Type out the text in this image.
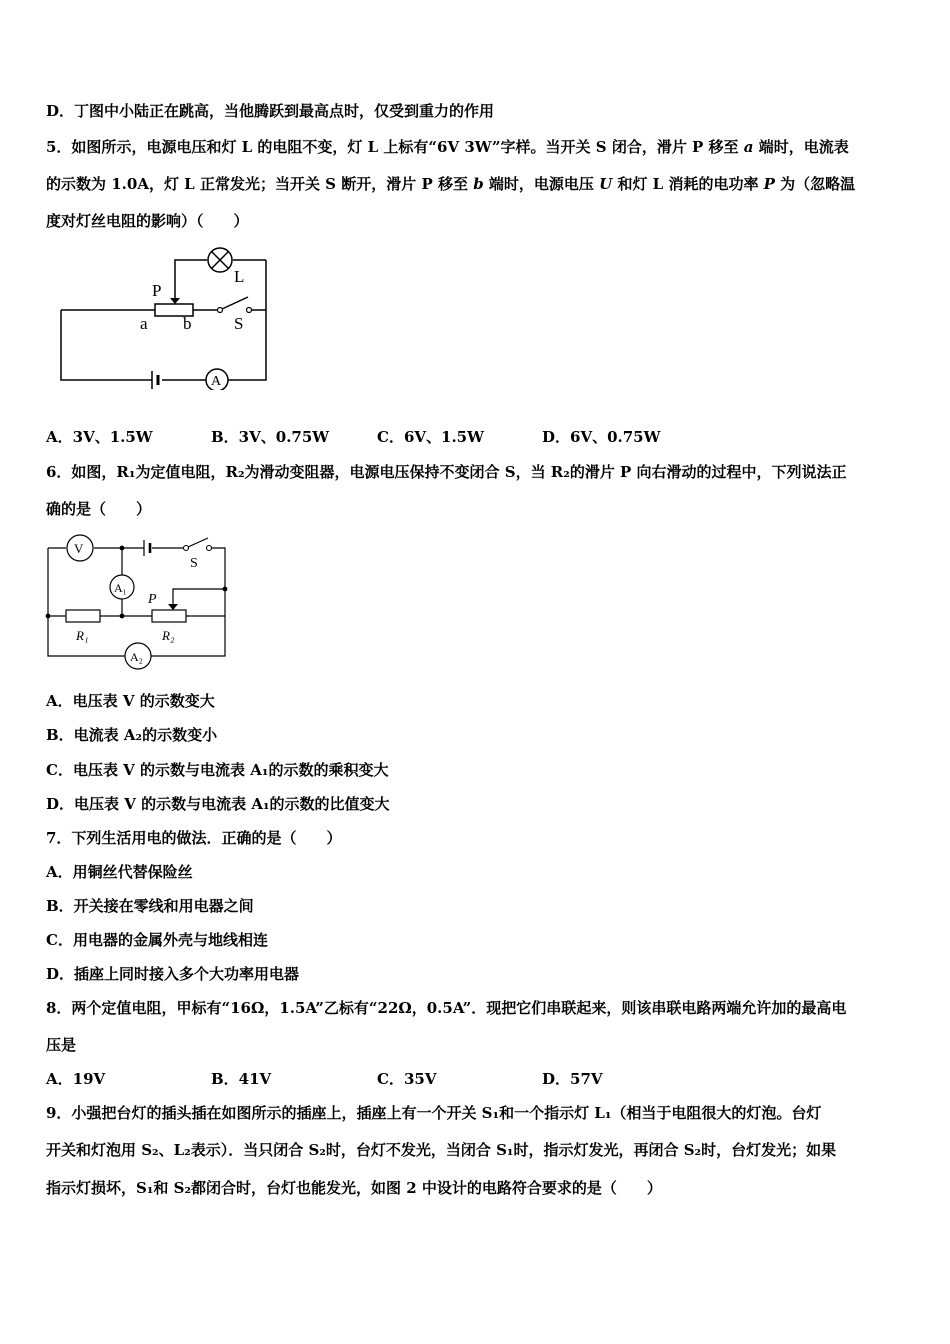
D．丁图中小陆正在跳高，当他腾跃到最高点时，仅受到重力的作用
5．如图所示，电源电压和灯 L 的电阻不变，灯 L 上标有“6V 3W”字样。当开关 S 闭合，滑片 P 移至 a 端时，电流表
的示数为 1.0A，灯 L 正常发光；当开关 S 断开，滑片 P 移至 b 端时，电源电压 U 和灯 L 消耗的电功率 P 为（忽略温
度对灯丝电阻的影响）（　　）
P
a b
L
S
A
A．3V、1.5W	B．3V、0.75W	C．6V、1.5W	D．6V、0.75W
6．如图，R₁为定值电阻，R₂为滑动变阻器，电源电压保持不变闭合 S，当 R₂的滑片 P 向右滑动的过程中，下列说法正
确的是（　　）
V
A₁
S
P
R₁	R₂
A₂
A．电压表 V 的示数变大
B．电流表 A₂的示数变小
C．电压表 V 的示数与电流表 A₁的示数的乘积变大
D．电压表 V 的示数与电流表 A₁的示数的比值变大
7．下列生活用电的做法．正确的是（　　）
A．用铜丝代替保险丝
B．开关接在零线和用电器之间
C．用电器的金属外壳与地线相连
D．插座上同时接入多个大功率用电器
8．两个定值电阻，甲标有“16Ω，1.5A”乙标有“22Ω，0.5A”．现把它们串联起来，则该串联电路两端允许加的最高电
压是
A．19V	B．41V	C．35V	D．57V
9．小强把台灯的插头插在如图所示的插座上，插座上有一个开关 S₁和一个指示灯 L₁（相当于电阻很大的灯泡。台灯
开关和灯泡用 S₂、L₂表示）．当只闭合 S₂时，台灯不发光，当闭合 S₁时，指示灯发光，再闭合 S₂时，台灯发光；如果
指示灯损坏，S₁和 S₂都闭合时，台灯也能发光，如图 2 中设计的电路符合要求的是（　　）
